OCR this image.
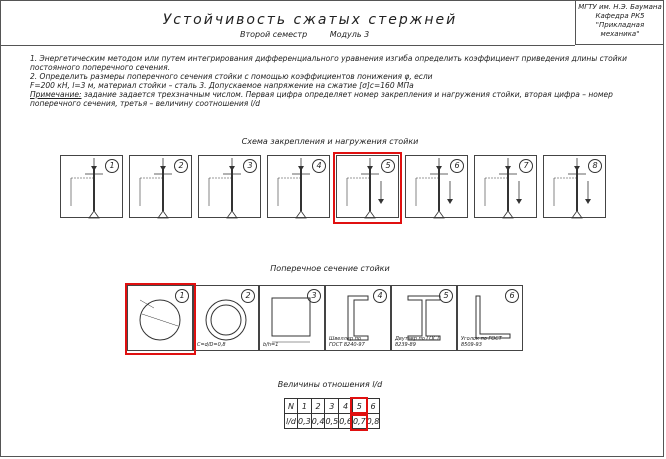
МГТУ им. Н.Э. Баумана
Кафедра РК5
"Прикладная механика"
Устойчивость сжатых стержней
Второй семестр	Модуль 3

1. Энергетическим методом или путем интегрирования дифференциального уравнения изгиба определить коэффициент приведения длины стойки постоянного поперечного сечения.

2. Определить размеры поперечного сечения стойки с помощью коэффициентов понижения φ, если

F=200 кН, l=3 м, материал стойки – сталь 3. Допускаемое напряжение на сжатие [σ]с=160 МПа

Примечание: задание задается трехзначным числом. Первая цифра определяет номер закрепления и нагружения стойки, вторая цифра – номер поперечного сечения, третья – величину соотношения l/d

Схема закрепления и нагружения стойки
1	2	3	4	5	6	7	8
Поперечное сечение стойки
1	2
C=d/D=0,8
3
b/h=1
4
Швеллер по ГОСТ 8240-97
5
Двутавр по ГОСТ 8239-89
6
Уголок по ГОСТ 8509-93
Величины отношения l/d
N	1	2	3	4	5	6
l/d	0,3	0,4	0,5	0,6	0,7	0,8
